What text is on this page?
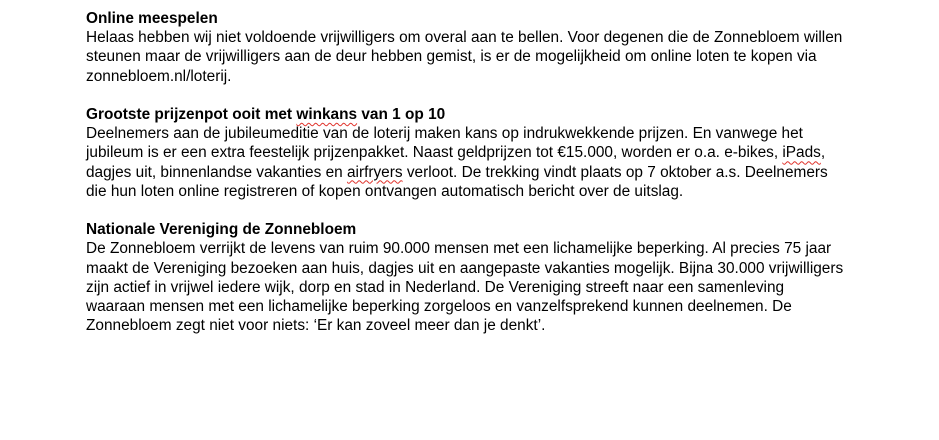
Online meespelen
Helaas hebben wij niet voldoende vrijwilligers om overal aan te bellen. Voor degenen die de Zonnebloem willen steunen maar de vrijwilligers aan de deur hebben gemist, is er de mogelijkheid om online loten te kopen via zonnebloem.nl/loterij.
Grootste prijzenpot ooit met winkans van 1 op 10
Deelnemers aan de jubileumeditie van de loterij maken kans op indrukwekkende prijzen. En vanwege het jubileum is er een extra feestelijk prijzenpakket. Naast geldprijzen tot €15.000, worden er o.a. e-bikes, iPads, dagjes uit, binnenlandse vakanties en airfryers verloot. De trekking vindt plaats op 7 oktober a.s. Deelnemers die hun loten online registreren of kopen ontvangen automatisch bericht over de uitslag.
Nationale Vereniging de Zonnebloem
De Zonnebloem verrijkt de levens van ruim 90.000 mensen met een lichamelijke beperking. Al precies 75 jaar maakt de Vereniging bezoeken aan huis, dagjes uit en aangepaste vakanties mogelijk. Bijna 30.000 vrijwilligers zijn actief in vrijwel iedere wijk, dorp en stad in Nederland. De Vereniging streeft naar een samenleving waaraan mensen met een lichamelijke beperking zorgeloos en vanzelfsprekend kunnen deelnemen. De Zonnebloem zegt niet voor niets: ‘Er kan zoveel meer dan je denkt’.
